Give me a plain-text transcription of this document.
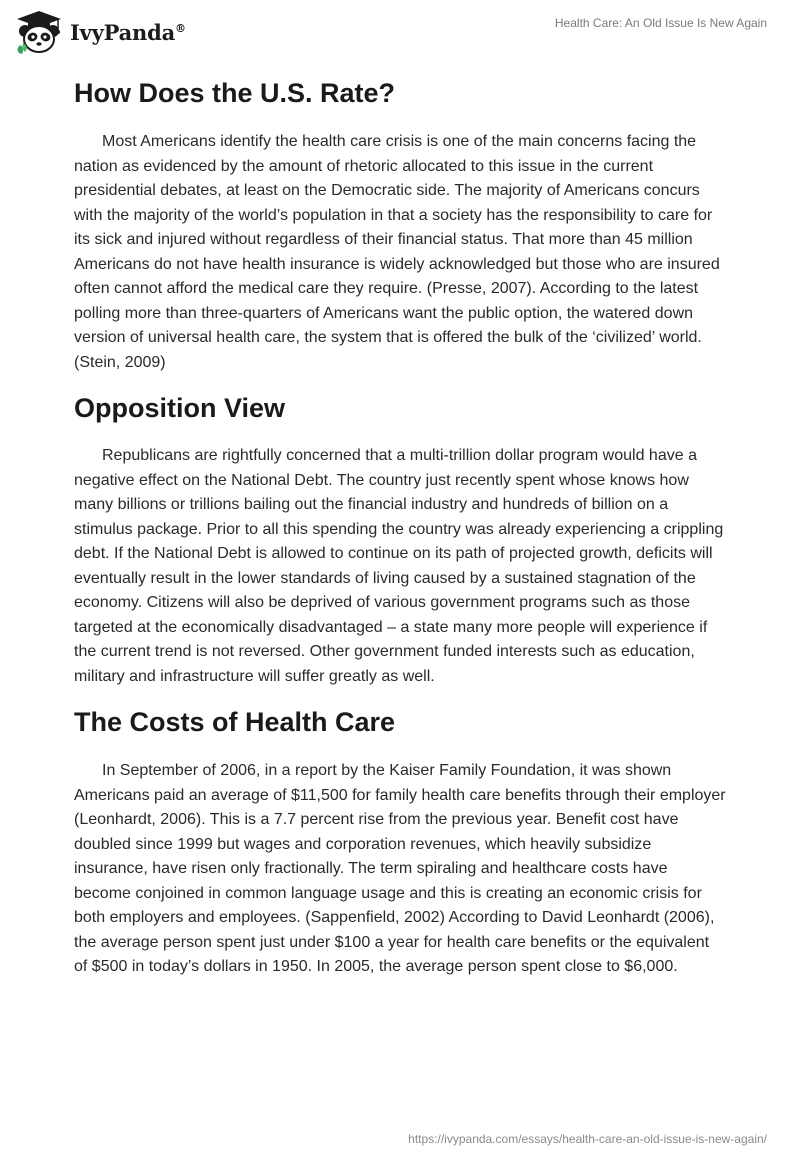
IvyPanda®	Health Care: An Old Issue Is New Again
How Does the U.S. Rate?

Most Americans identify the health care crisis is one of the main concerns facing the nation as evidenced by the amount of rhetoric allocated to this issue in the current presidential debates, at least on the Democratic side. The majority of Americans concurs with the majority of the world’s population in that a society has the responsibility to care for its sick and injured without regardless of their financial status. That more than 45 million Americans do not have health insurance is widely acknowledged but those who are insured often cannot afford the medical care they require. (Presse, 2007). According to the latest polling more than three-quarters of Americans want the public option, the watered down version of universal health care, the system that is offered the bulk of the ‘civilized’ world. (Stein, 2009)

Opposition View

Republicans are rightfully concerned that a multi-trillion dollar program would have a negative effect on the National Debt. The country just recently spent whose knows how many billions or trillions bailing out the financial industry and hundreds of billion on a stimulus package. Prior to all this spending the country was already experiencing a crippling debt. If the National Debt is allowed to continue on its path of projected growth, deficits will eventually result in the lower standards of living caused by a sustained stagnation of the economy. Citizens will also be deprived of various government programs such as those targeted at the economically disadvantaged – a state many more people will experience if the current trend is not reversed. Other government funded interests such as education, military and infrastructure will suffer greatly as well.

The Costs of Health Care

In September of 2006, in a report by the Kaiser Family Foundation, it was shown Americans paid an average of $11,500 for family health care benefits through their employer (Leonhardt, 2006). This is a 7.7 percent rise from the previous year. Benefit cost have doubled since 1999 but wages and corporation revenues, which heavily subsidize insurance, have risen only fractionally. The term spiraling and healthcare costs have become conjoined in common language usage and this is creating an economic crisis for both employers and employees. (Sappenfield, 2002) According to David Leonhardt (2006), the average person spent just under $100 a year for health care benefits or the equivalent of $500 in today’s dollars in 1950. In 2005, the average person spent close to $6,000.

https://ivypanda.com/essays/health-care-an-old-issue-is-new-again/
